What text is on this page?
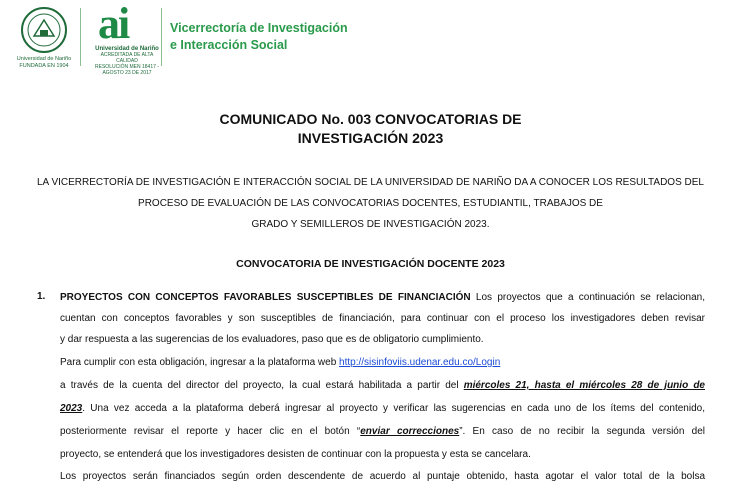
Universidad de Nariño
FUNDADA EN 1904
ai
Universidad de Nariño
ACREDITADA DE ALTA CALIDAD
RESOLUCIÓN MEN 18417 - AGOSTO 23 DE 2017
Vicerrectoría de Investigación
e Interacción Social
COMUNICADO No. 003 CONVOCATORIAS DE
INVESTIGACIÓN 2023
LA VICERRECTORÍA DE INVESTIGACIÓN E INTERACCIÓN SOCIAL DE LA UNIVERSIDAD DE NARIÑO DA A CONOCER LOS RESULTADOS DEL
PROCESO DE EVALUACIÓN DE LAS CONVOCATORIAS DOCENTES, ESTUDIANTIL, TRABAJOS DE
GRADO Y SEMILLEROS DE INVESTIGACIÓN 2023.
CONVOCATORIA DE INVESTIGACIÓN DOCENTE 2023
1. PROYECTOS CON CONCEPTOS FAVORABLES SUSCEPTIBLES DE FINANCIACIÓN Los proyectos que a continuación se relacionan,
cuentan con conceptos favorables y son susceptibles de financiación, para continuar con el proceso los investigadores deben revisar
y dar respuesta a las sugerencias de los evaluadores, paso que es de obligatorio cumplimiento.
Para cumplir con esta obligación, ingresar a la plataforma web http://sisinfoviis.udenar.edu.co/Login
a través de la cuenta del director del proyecto, la cual estará habilitada a partir del miércoles 21, hasta el miércoles 28 de junio de
2023. Una vez acceda a la plataforma deberá ingresar al proyecto y verificar las sugerencias en cada uno de los ítems del contenido,
posteriormente revisar el reporte y hacer clic en el botón “enviar correcciones”. En caso de no recibir la segunda versión del
proyecto, se entenderá que los investigadores desisten de continuar con la propuesta y esta se cancelara.
Los proyectos serán financiados según orden descendente de acuerdo al puntaje obtenido, hasta agotar el valor total de la bolsa
